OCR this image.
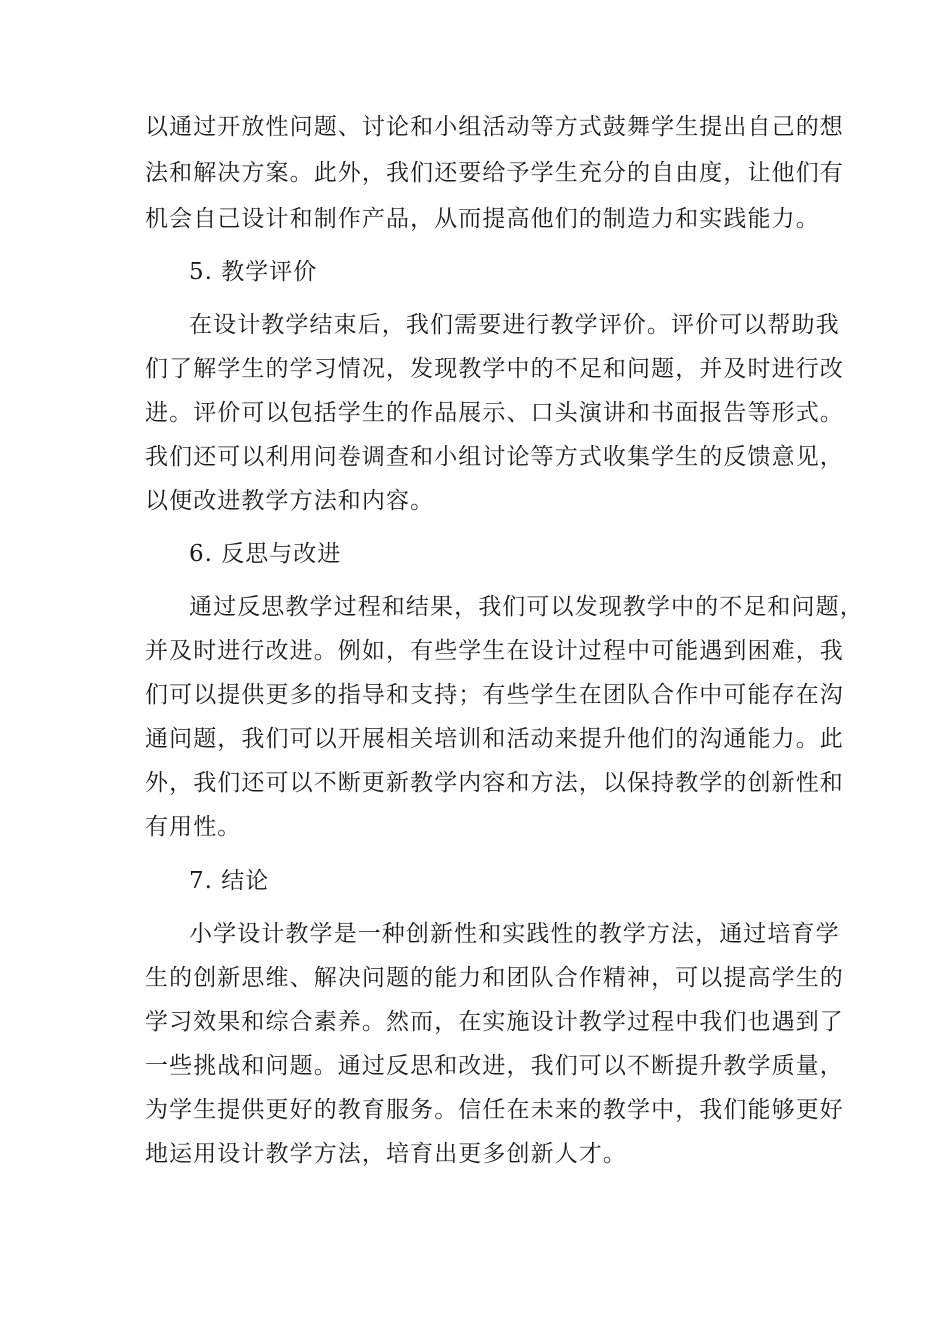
以通过开放性问题、讨论和小组活动等方式鼓舞学生提出自己的想
法和解决方案。此外，我们还要给予学生充分的自由度，让他们有
机会自己设计和制作产品，从而提高他们的制造力和实践能力。
5. 教学评价
在设计教学结束后，我们需要进行教学评价。评价可以帮助我
们了解学生的学习情况，发现教学中的不足和问题，并及时进行改
进。评价可以包括学生的作品展示、口头演讲和书面报告等形式。
我们还可以利用问卷调查和小组讨论等方式收集学生的反馈意见，
以便改进教学方法和内容。
6. 反思与改进
通过反思教学过程和结果，我们可以发现教学中的不足和问题，
并及时进行改进。例如，有些学生在设计过程中可能遇到困难，我
们可以提供更多的指导和支持；有些学生在团队合作中可能存在沟
通问题，我们可以开展相关培训和活动来提升他们的沟通能力。此
外，我们还可以不断更新教学内容和方法，以保持教学的创新性和
有用性。
7. 结论
小学设计教学是一种创新性和实践性的教学方法，通过培育学
生的创新思维、解决问题的能力和团队合作精神，可以提高学生的
学习效果和综合素养。然而，在实施设计教学过程中我们也遇到了
一些挑战和问题。通过反思和改进，我们可以不断提升教学质量，
为学生提供更好的教育服务。信任在未来的教学中，我们能够更好
地运用设计教学方法，培育出更多创新人才。
